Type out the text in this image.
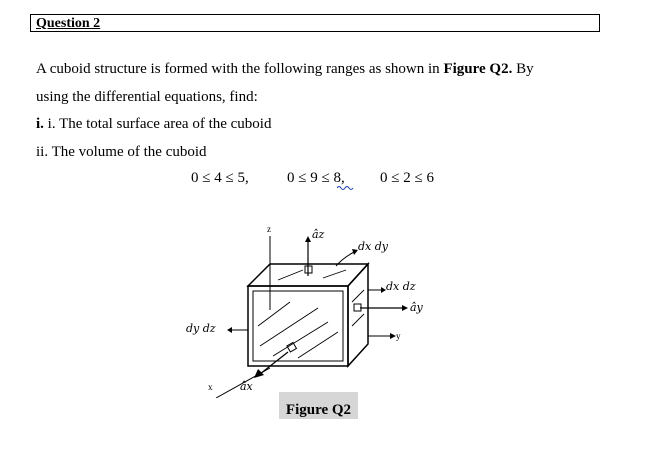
Question 2
A cuboid structure is formed with the following ranges as shown in Figure Q2. By
using the differential equations, find:
i. i. The total surface area of the cuboid
ii. The volume of the cuboid
0 ≤ 4 ≤ 5,	0 ≤ 9 ≤ 8, 0 ≤ 2 ≤ 6
z
x
y
âz
dx dy
ây
dx dz
dy dz
âx
Figure Q2
